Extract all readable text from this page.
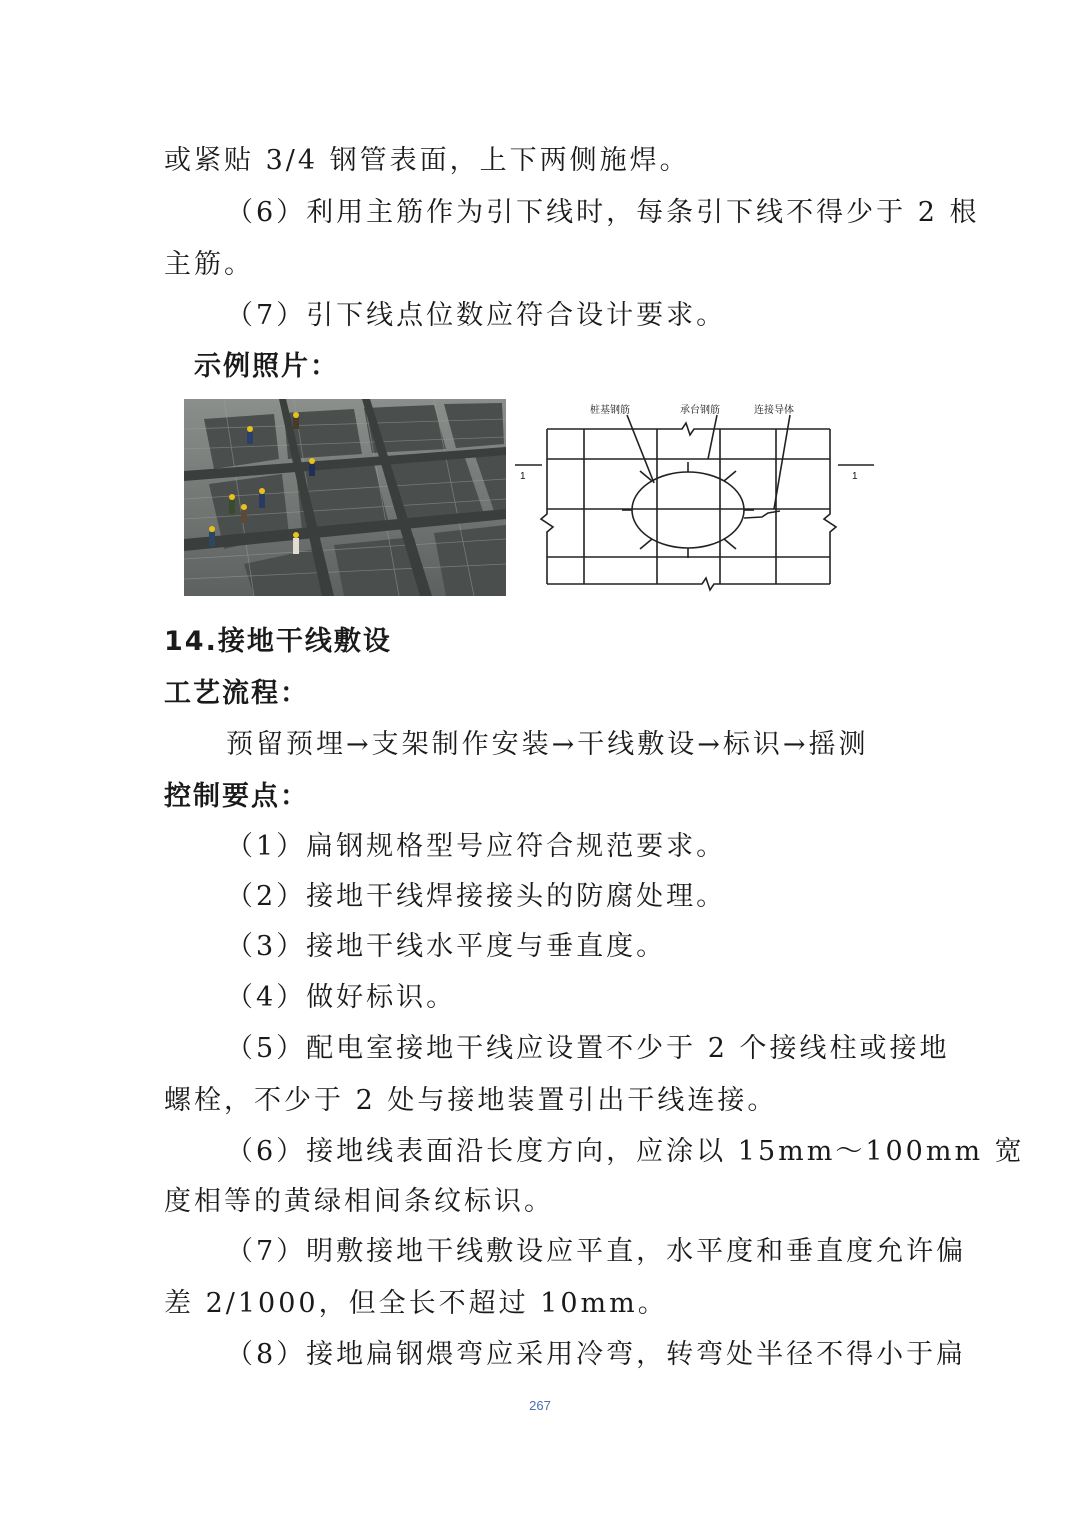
或紧贴 3/4 钢管表面，上下两侧施焊。
（6）利用主筋作为引下线时，每条引下线不得少于 2 根
主筋。
（7）引下线点位数应符合设计要求。
示例照片：
桩基钢筋	承台钢筋	连接导体
1	1
14.接地干线敷设
工艺流程：
预留预埋→支架制作安装→干线敷设→标识→摇测
控制要点：
（1）扁钢规格型号应符合规范要求。
（2）接地干线焊接接头的防腐处理。
（3）接地干线水平度与垂直度。
（4）做好标识。
（5）配电室接地干线应设置不少于 2 个接线柱或接地
螺栓，不少于 2 处与接地装置引出干线连接。
（6）接地线表面沿长度方向，应涂以 15mm～100mm 宽
度相等的黄绿相间条纹标识。
（7）明敷接地干线敷设应平直，水平度和垂直度允许偏
差 2/1000，但全长不超过 10mm。
（8）接地扁钢煨弯应采用冷弯，转弯处半径不得小于扁
267
